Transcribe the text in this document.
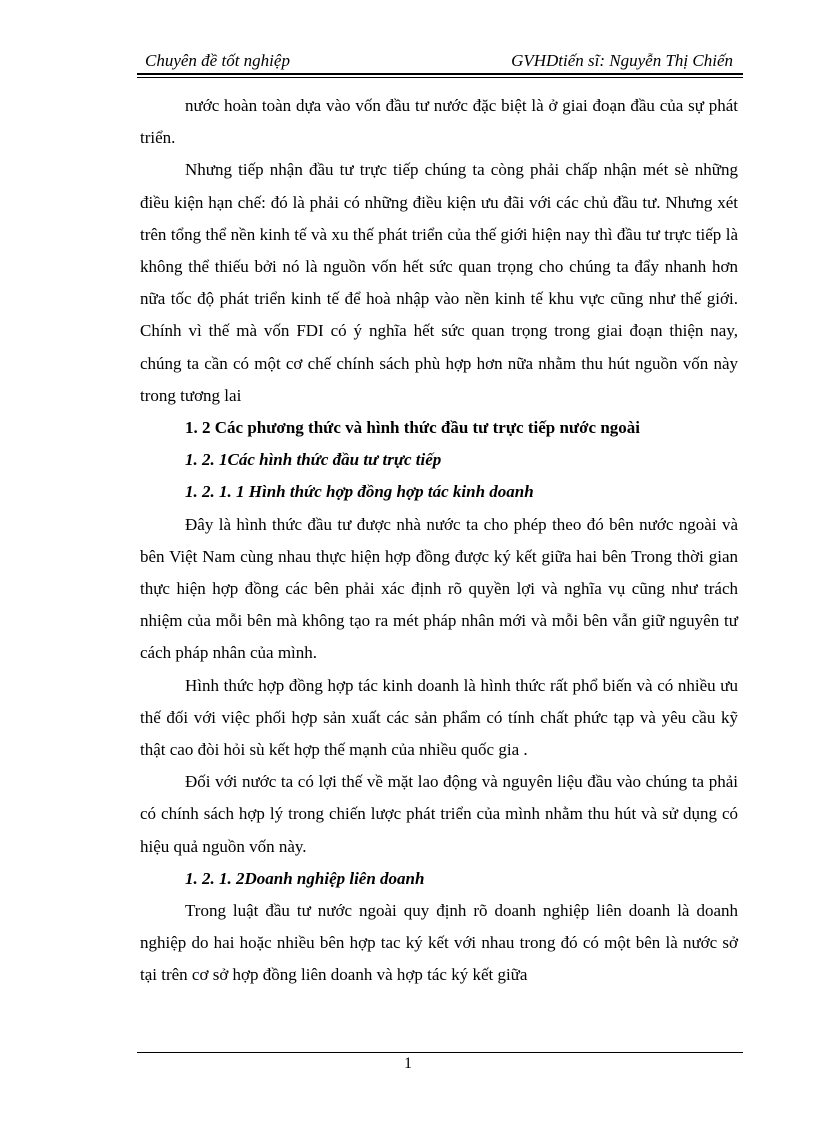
Chuyên đề tốt nghiệp	GVHDtiến sĩ: Nguyễn Thị Chiến

nước hoàn toàn dựa vào vốn đầu tư nước đặc biệt là ở giai đoạn đầu của sự phát triển.

Nhưng tiếp nhận đầu tư trực tiếp chúng ta còng phải chấp nhận mét sè những điều kiện hạn chế: đó là phải có những điều kiện ưu đãi với các chủ đầu tư. Nhưng xét trên tổng thể nền kinh tế và xu thế phát triển của thế giới hiện nay thì đầu tư trực tiếp là không thể thiếu bởi nó là nguồn vốn hết sức quan trọng cho chúng ta đẩy nhanh hơn nữa tốc độ phát triển kinh tế để hoà nhập vào nền kinh tế khu vực cũng như thế giới. Chính vì thế mà vốn FDI có ý nghĩa hết sức quan trọng trong giai đoạn thiện nay, chúng ta cần có một cơ chế chính sách phù hợp hơn nữa nhằm thu hút nguồn vốn này trong tương lai

1. 2 Các phương thức và hình thức đầu tư trực tiếp nước ngoài

1. 2. 1Các hình thức đầu tư trực tiếp

1. 2. 1. 1 Hình thức hợp đồng hợp tác kinh doanh

Đây là hình thức đầu tư được nhà nước ta cho phép theo đó bên nước ngoài và bên Việt Nam cùng nhau thực hiện hợp đồng được ký kết giữa hai bên Trong thời gian thực hiện hợp đồng các bên phải xác định rõ quyền lợi và nghĩa vụ cũng như trách nhiệm của mỗi bên mà không tạo ra mét pháp nhân mới và mỗi bên vẫn giữ nguyên tư cách pháp nhân của mình.

Hình thức hợp đồng hợp tác kinh doanh là hình thức rất phổ biến và có nhiều ưu thế đối với việc phối hợp sản xuất các sản phẩm có tính chất phức tạp và yêu cầu kỹ thật cao đòi hỏi sù kết hợp thế mạnh của nhiều quốc gia .

Đối với nước ta có lợi thế về mặt lao động và nguyên liệu đầu vào chúng ta phải có chính sách hợp lý trong chiến lược phát triển của mình nhằm thu hút và sử dụng có hiệu quả nguồn vốn này.

1. 2. 1. 2Doanh nghiệp liên doanh

Trong luật đầu tư nước ngoài quy định rõ doanh nghiệp liên doanh là doanh nghiệp do hai hoặc nhiều bên hợp tac ký kết với nhau trong đó có một bên là nước sở tại trên cơ sở hợp đồng liên doanh và hợp tác ký kết giữa

1
